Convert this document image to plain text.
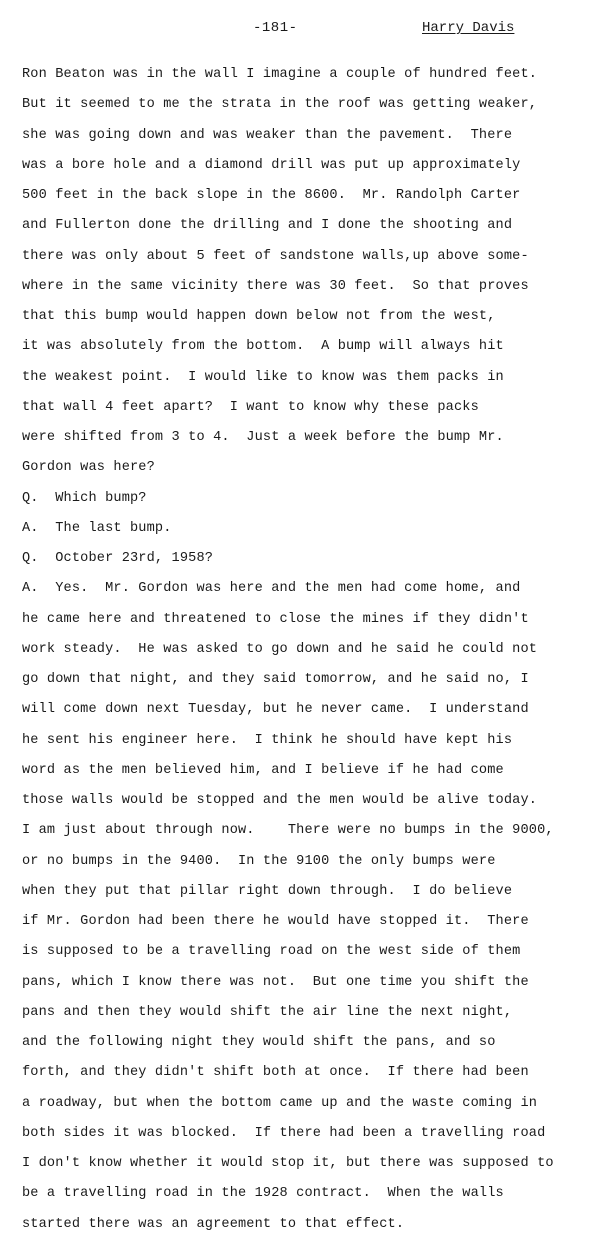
-181-	Harry Davis
Ron Beaton was in the wall I imagine a couple of hundred feet.
But it seemed to me the strata in the roof was getting weaker,
she was going down and was weaker than the pavement.  There
was a bore hole and a diamond drill was put up approximately
500 feet in the back slope in the 8600.  Mr. Randolph Carter
and Fullerton done the drilling and I done the shooting and
there was only about 5 feet of sandstone walls,up above some-
where in the same vicinity there was 30 feet.  So that proves
that this bump would happen down below not from the west,
it was absolutely from the bottom.  A bump will always hit
the weakest point.  I would like to know was them packs in
that wall 4 feet apart?  I want to know why these packs
were shifted from 3 to 4.  Just a week before the bump Mr.
Gordon was here?
Q.  Which bump?
A.  The last bump.
Q.  October 23rd, 1958?
A.  Yes.  Mr. Gordon was here and the men had come home, and
he came here and threatened to close the mines if they didn't
work steady.  He was asked to go down and he said he could not
go down that night, and they said tomorrow, and he said no, I
will come down next Tuesday, but he never came.  I understand
he sent his engineer here.  I think he should have kept his
word as the men believed him, and I believe if he had come
those walls would be stopped and the men would be alive today.
I am just about through now.    There were no bumps in the 9000,
or no bumps in the 9400.  In the 9100 the only bumps were
when they put that pillar right down through.  I do believe
if Mr. Gordon had been there he would have stopped it.  There
is supposed to be a travelling road on the west side of them
pans, which I know there was not.  But one time you shift the
pans and then they would shift the air line the next night,
and the following night they would shift the pans, and so
forth, and they didn't shift both at once.  If there had been
a roadway, but when the bottom came up and the waste coming in
both sides it was blocked.  If there had been a travelling road
I don't know whether it would stop it, but there was supposed to
be a travelling road in the 1928 contract.  When the walls
started there was an agreement to that effect.
